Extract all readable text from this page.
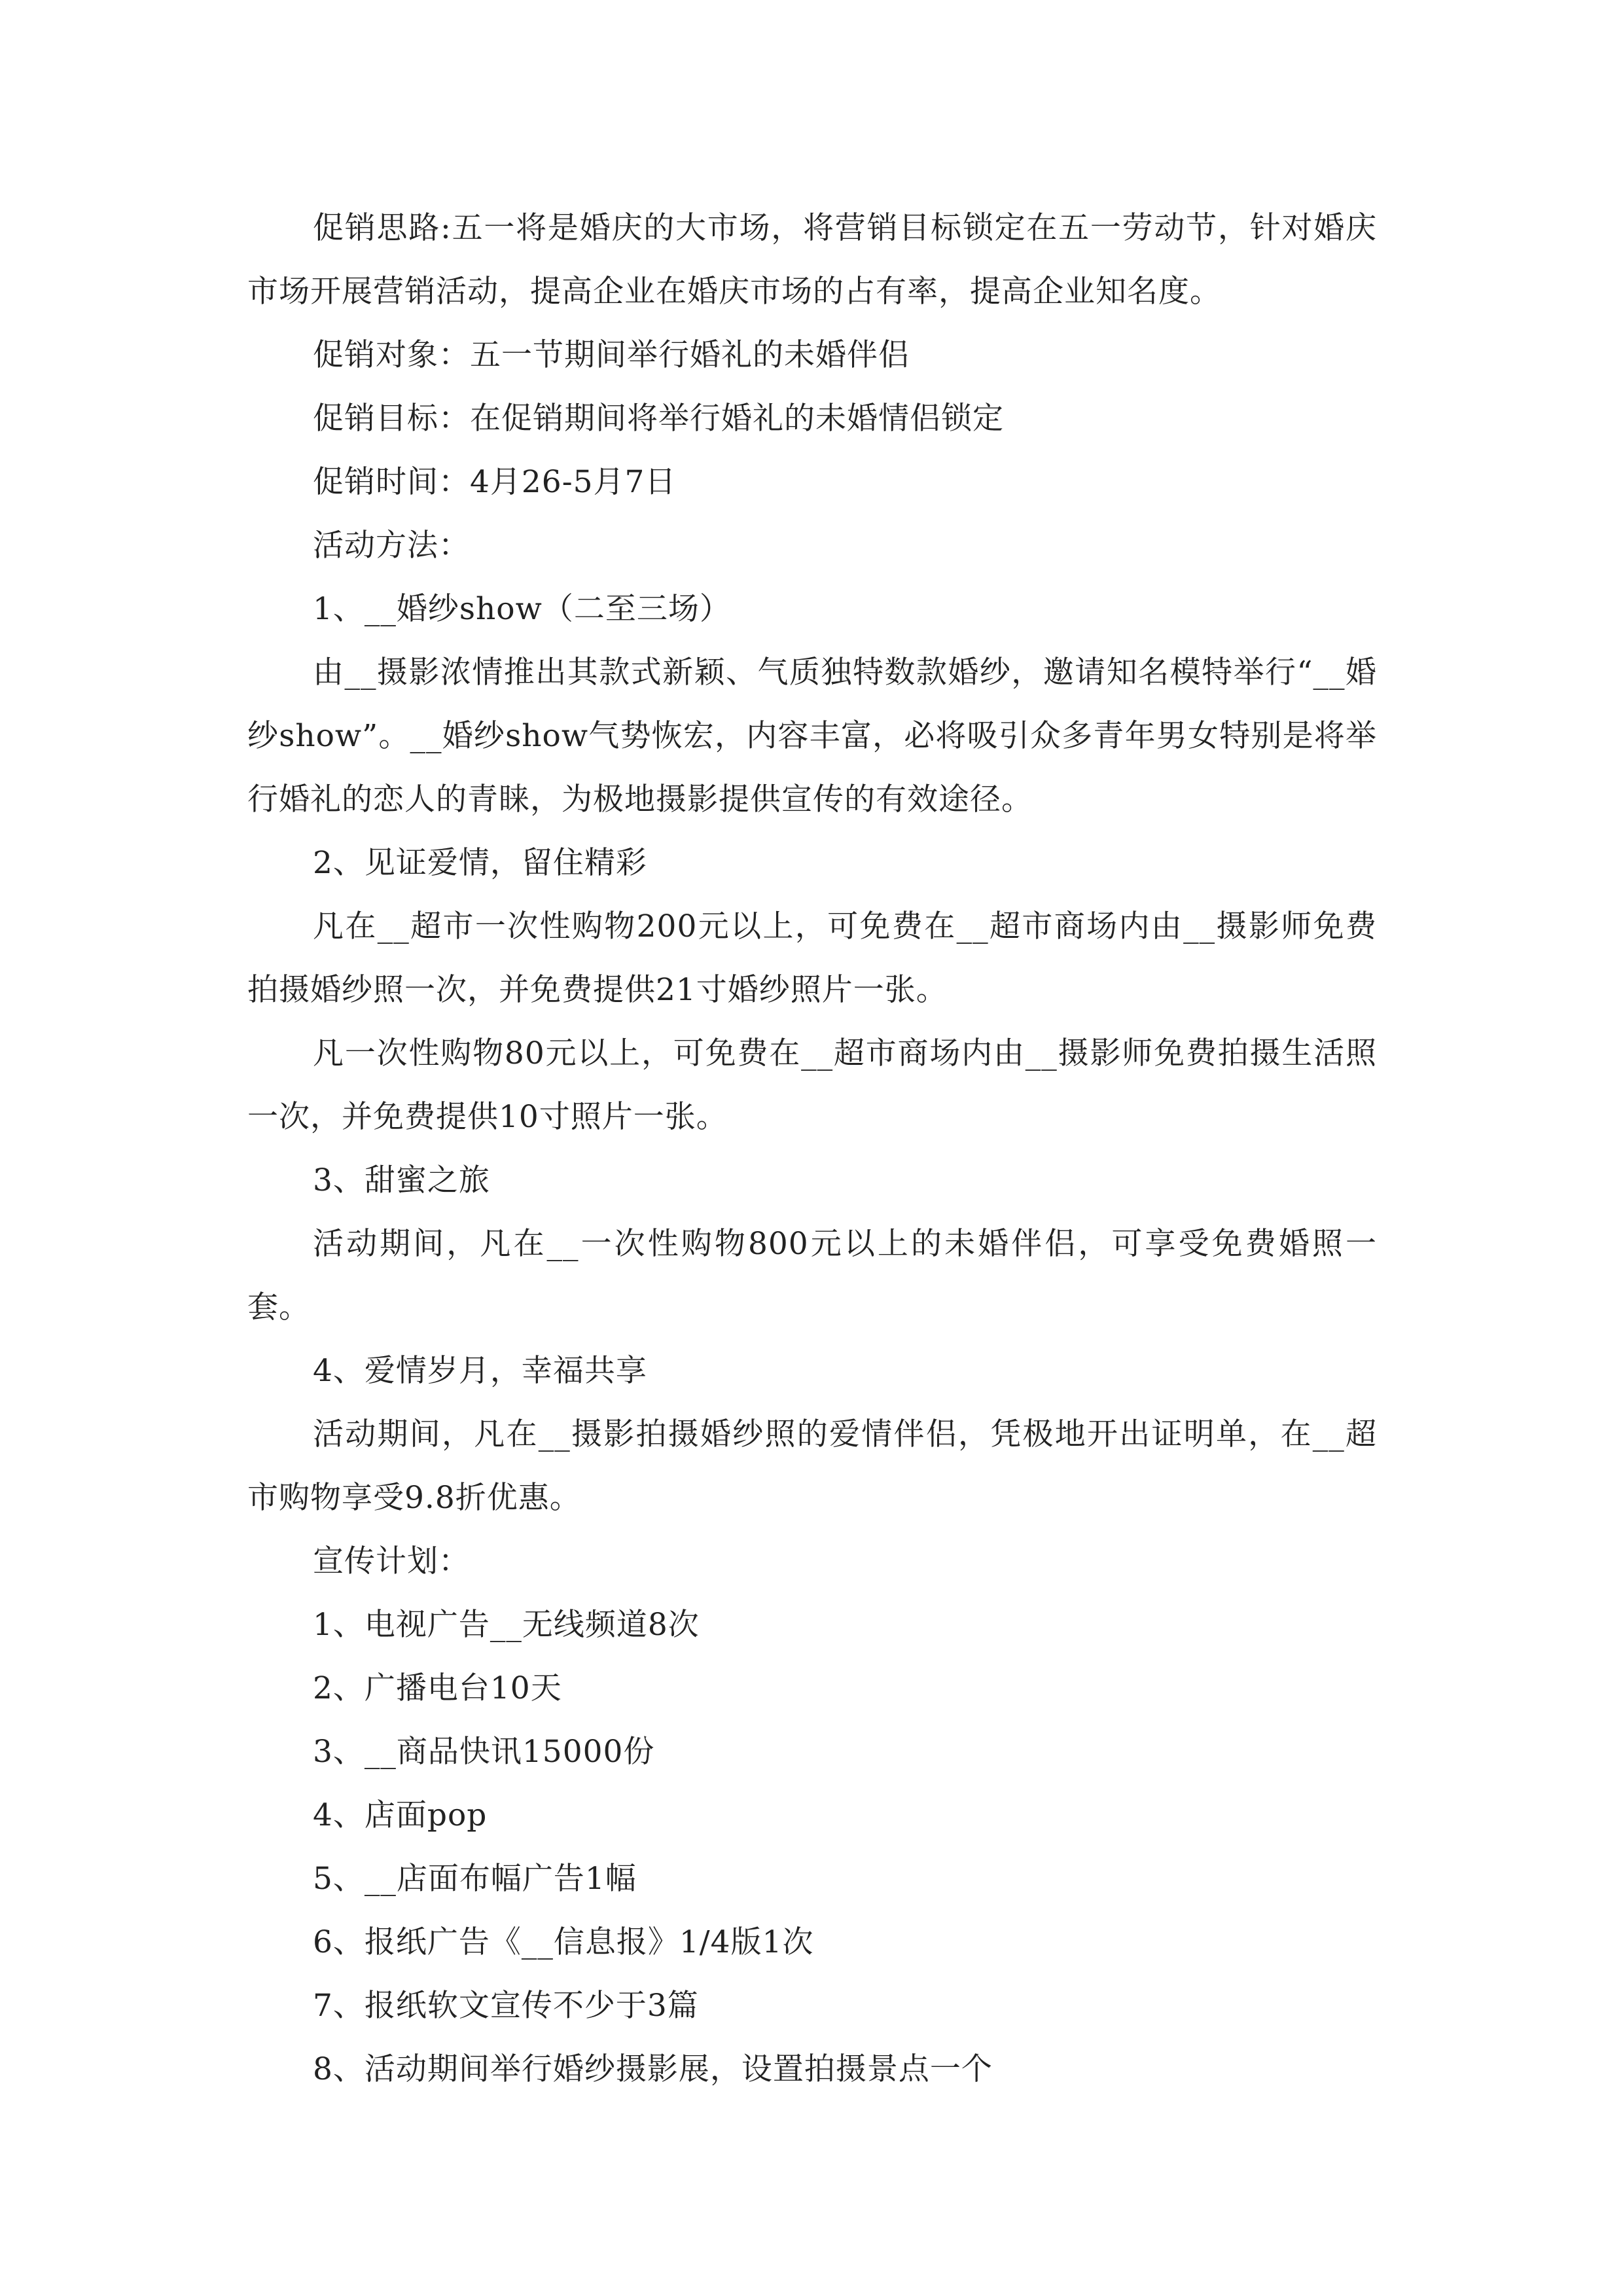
促销思路:五一将是婚庆的大市场，将营销目标锁定在五一劳动节，针对婚庆市场开展营销活动，提高企业在婚庆市场的占有率，提高企业知名度。

促销对象：五一节期间举行婚礼的未婚伴侣

促销目标：在促销期间将举行婚礼的未婚情侣锁定

促销时间：4月26-5月7日

活动方法：

1、__婚纱show（二至三场）

由__摄影浓情推出其款式新颖、气质独特数款婚纱，邀请知名模特举行“__婚纱show”。__婚纱show气势恢宏，内容丰富，必将吸引众多青年男女特别是将举行婚礼的恋人的青睐，为极地摄影提供宣传的有效途径。

2、见证爱情，留住精彩

凡在__超市一次性购物200元以上，可免费在__超市商场内由__摄影师免费拍摄婚纱照一次，并免费提供21寸婚纱照片一张。

凡一次性购物80元以上，可免费在__超市商场内由__摄影师免费拍摄生活照一次，并免费提供10寸照片一张。

3、甜蜜之旅

活动期间，凡在__一次性购物800元以上的未婚伴侣，可享受免费婚照一套。

4、爱情岁月，幸福共享

活动期间，凡在__摄影拍摄婚纱照的爱情伴侣，凭极地开出证明单，在__超市购物享受9.8折优惠。

宣传计划：

1、电视广告__无线频道8次

2、广播电台10天

3、__商品快讯15000份

4、店面pop

5、__店面布幅广告1幅

6、报纸广告《__信息报》1/4版1次

7、报纸软文宣传不少于3篇

8、活动期间举行婚纱摄影展，设置拍摄景点一个
